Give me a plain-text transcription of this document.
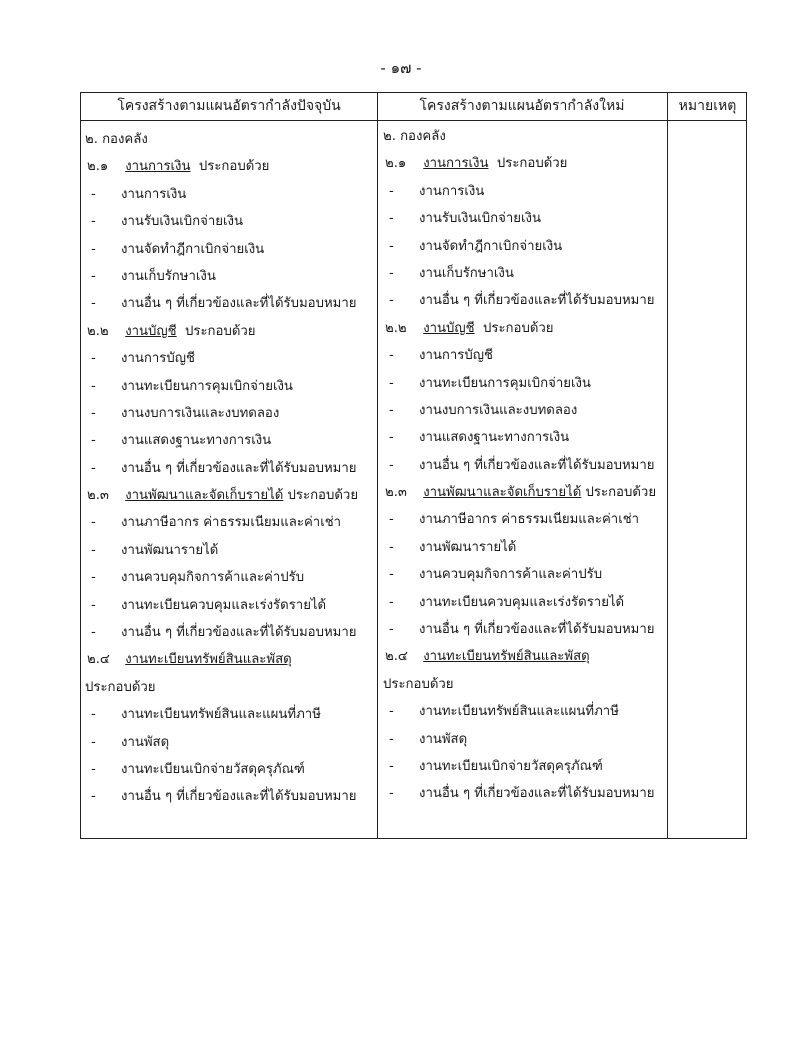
- ๑๗ -
โครงสร้างตามแผนอัตรากำลังปัจจุบัน	โครงสร้างตามแผนอัตรากำลังใหม่	หมายเหตุ
๒. กองคลัง
๒.๑ งานการเงิน ประกอบด้วย
- งานการเงิน
- งานรับเงินเบิกจ่ายเงิน
- งานจัดทำฎีกาเบิกจ่ายเงิน
- งานเก็บรักษาเงิน
- งานอื่น ๆ ที่เกี่ยวข้องและที่ได้รับมอบหมาย
๒.๒ งานบัญชี ประกอบด้วย
- งานการบัญชี
- งานทะเบียนการคุมเบิกจ่ายเงิน
- งานงบการเงินและงบทดลอง
- งานแสดงฐานะทางการเงิน
- งานอื่น ๆ ที่เกี่ยวข้องและที่ได้รับมอบหมาย
๒.๓ งานพัฒนาและจัดเก็บรายได้ ประกอบด้วย
- งานภาษีอากร ค่าธรรมเนียมและค่าเช่า
- งานพัฒนารายได้
- งานควบคุมกิจการค้าและค่าปรับ
- งานทะเบียนควบคุมและเร่งรัดรายได้
- งานอื่น ๆ ที่เกี่ยวข้องและที่ได้รับมอบหมาย
๒.๔ งานทะเบียนทรัพย์สินและพัสดุ
ประกอบด้วย
- งานทะเบียนทรัพย์สินและแผนที่ภาษี
- งานพัสดุ
- งานทะเบียนเบิกจ่ายวัสดุครุภัณฑ์
- งานอื่น ๆ ที่เกี่ยวข้องและที่ได้รับมอบหมาย
๒. กองคลัง
๒.๑ งานการเงิน ประกอบด้วย
- งานการเงิน
- งานรับเงินเบิกจ่ายเงิน
- งานจัดทำฎีกาเบิกจ่ายเงิน
- งานเก็บรักษาเงิน
- งานอื่น ๆ ที่เกี่ยวข้องและที่ได้รับมอบหมาย
๒.๒ งานบัญชี ประกอบด้วย
- งานการบัญชี
- งานทะเบียนการคุมเบิกจ่ายเงิน
- งานงบการเงินและงบทดลอง
- งานแสดงฐานะทางการเงิน
- งานอื่น ๆ ที่เกี่ยวข้องและที่ได้รับมอบหมาย
๒.๓ งานพัฒนาและจัดเก็บรายได้ ประกอบด้วย
- งานภาษีอากร ค่าธรรมเนียมและค่าเช่า
- งานพัฒนารายได้
- งานควบคุมกิจการค้าและค่าปรับ
- งานทะเบียนควบคุมและเร่งรัดรายได้
- งานอื่น ๆ ที่เกี่ยวข้องและที่ได้รับมอบหมาย
๒.๔ งานทะเบียนทรัพย์สินและพัสดุ
ประกอบด้วย
- งานทะเบียนทรัพย์สินและแผนที่ภาษี
- งานพัสดุ
- งานทะเบียนเบิกจ่ายวัสดุครุภัณฑ์
- งานอื่น ๆ ที่เกี่ยวข้องและที่ได้รับมอบหมาย
